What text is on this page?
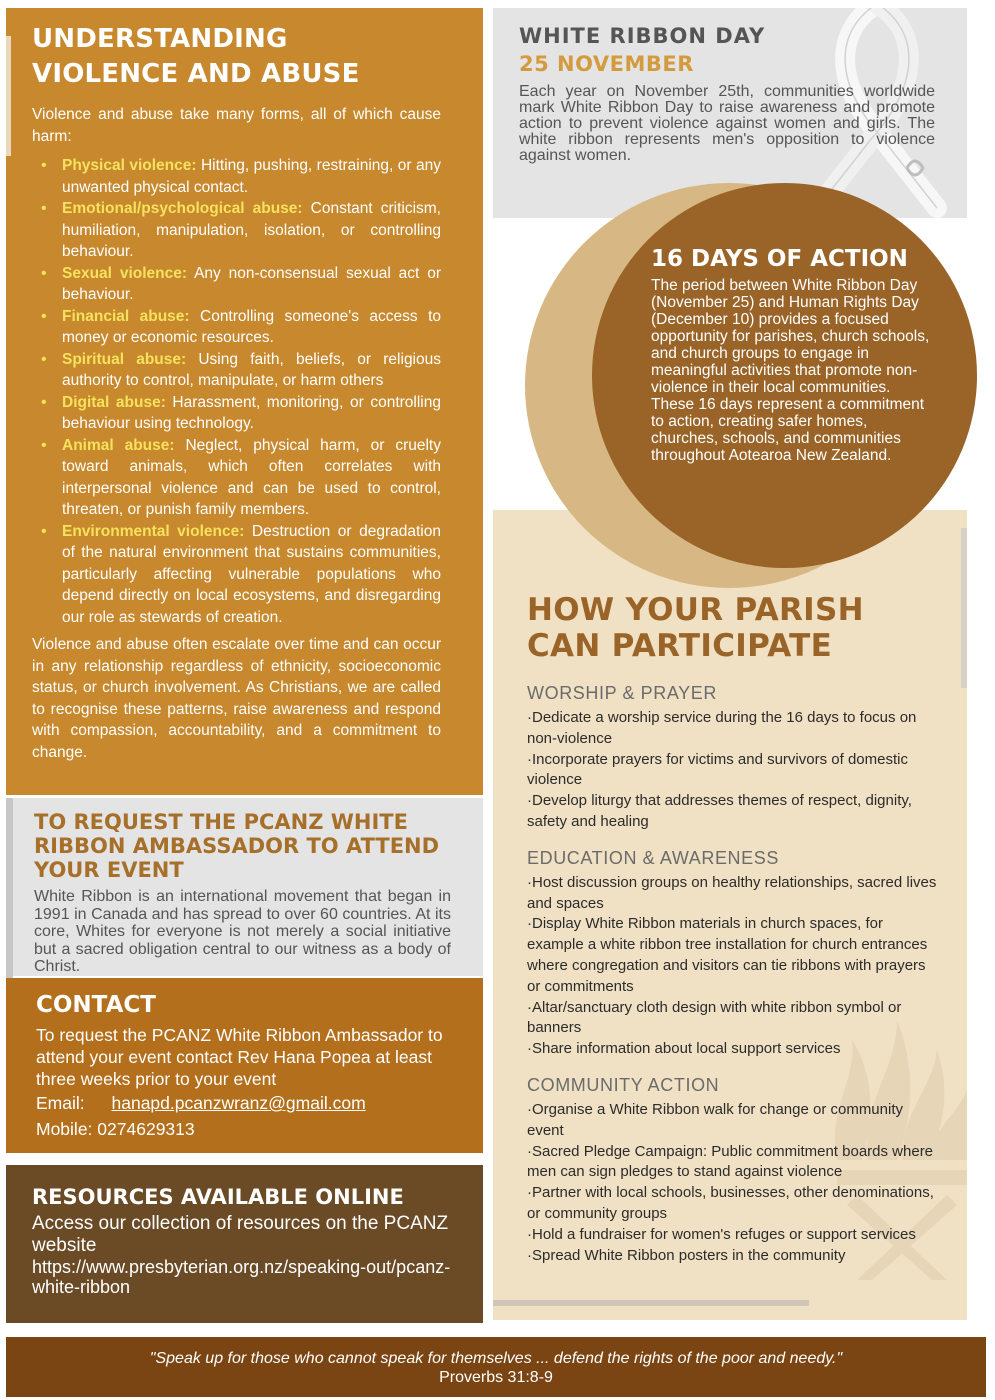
UNDERSTANDING VIOLENCE AND ABUSE

Violence and abuse take many forms, all of which cause harm:

• Physical violence: Hitting, pushing, restraining, or any unwanted physical contact.
• Emotional/psychological abuse: Constant criticism, humiliation, manipulation, isolation, or controlling behaviour.
• Sexual violence: Any non-consensual sexual act or behaviour.
• Financial abuse: Controlling someone's access to money or economic resources.
• Spiritual abuse: Using faith, beliefs, or religious authority to control, manipulate, or harm others
• Digital abuse: Harassment, monitoring, or controlling behaviour using technology.
• Animal abuse: Neglect, physical harm, or cruelty toward animals, which often correlates with interpersonal violence and can be used to control, threaten, or punish family members.
• Environmental violence: Destruction or degradation of the natural environment that sustains communities, particularly affecting vulnerable populations who depend directly on local ecosystems, and disregarding our role as stewards of creation.

Violence and abuse often escalate over time and can occur in any relationship regardless of ethnicity, socioeconomic status, or church involvement. As Christians, we are called to recognise these patterns, raise awareness and respond with compassion, accountability, and a commitment to change.

TO REQUEST THE PCANZ WHITE RIBBON AMBASSADOR TO ATTEND YOUR EVENT

White Ribbon is an international movement that began in 1991 in Canada and has spread to over 60 countries. At its core, Whites for everyone is not merely a social initiative but a sacred obligation central to our witness as a body of Christ.

CONTACT

To request the PCANZ White Ribbon Ambassador to attend your event contact Rev Hana Popea at least three weeks prior to your event

Email: hanapd.pcanzwranz@gmail.com
Mobile: 0274629313
RESOURCES AVAILABLE ONLINE

Access our collection of resources on the PCANZ website

https://www.presbyterian.org.nz/speaking-out/pcanz-white-ribbon

WHITE RIBBON DAY
25 NOVEMBER

Each year on November 25th, communities worldwide mark White Ribbon Day to raise awareness and promote action to prevent violence against women and girls. The white ribbon represents men's opposition to violence against women.

16 DAYS OF ACTION

The period between White Ribbon Day (November 25) and Human Rights Day (December 10) provides a focused opportunity for parishes, church schools, and church groups to engage in meaningful activities that promote non-violence in their local communities. These 16 days represent a commitment to action, creating safer homes, churches, schools, and communities throughout Aotearoa New Zealand.

HOW YOUR PARISH CAN PARTICIPATE
WORSHIP & PRAYER

·Dedicate a worship service during the 16 days to focus on non-violence

·Incorporate prayers for victims and survivors of domestic violence

·Develop liturgy that addresses themes of respect, dignity, safety and healing

EDUCATION & AWARENESS

·Host discussion groups on healthy relationships, sacred lives and spaces

·Display White Ribbon materials in church spaces, for example a white ribbon tree installation for church entrances where congregation and visitors can tie ribbons with prayers or commitments

·Altar/sanctuary cloth design with white ribbon symbol or banners

·Share information about local support services

COMMUNITY ACTION

·Organise a White Ribbon walk for change or community event

·Sacred Pledge Campaign: Public commitment boards where men can sign pledges to stand against violence

·Partner with local schools, businesses, other denominations, or community groups

·Hold a fundraiser for women's refuges or support services

·Spread White Ribbon posters in the community

"Speak up for those who cannot speak for themselves ... defend the rights of the poor and needy."

Proverbs 31:8-9
